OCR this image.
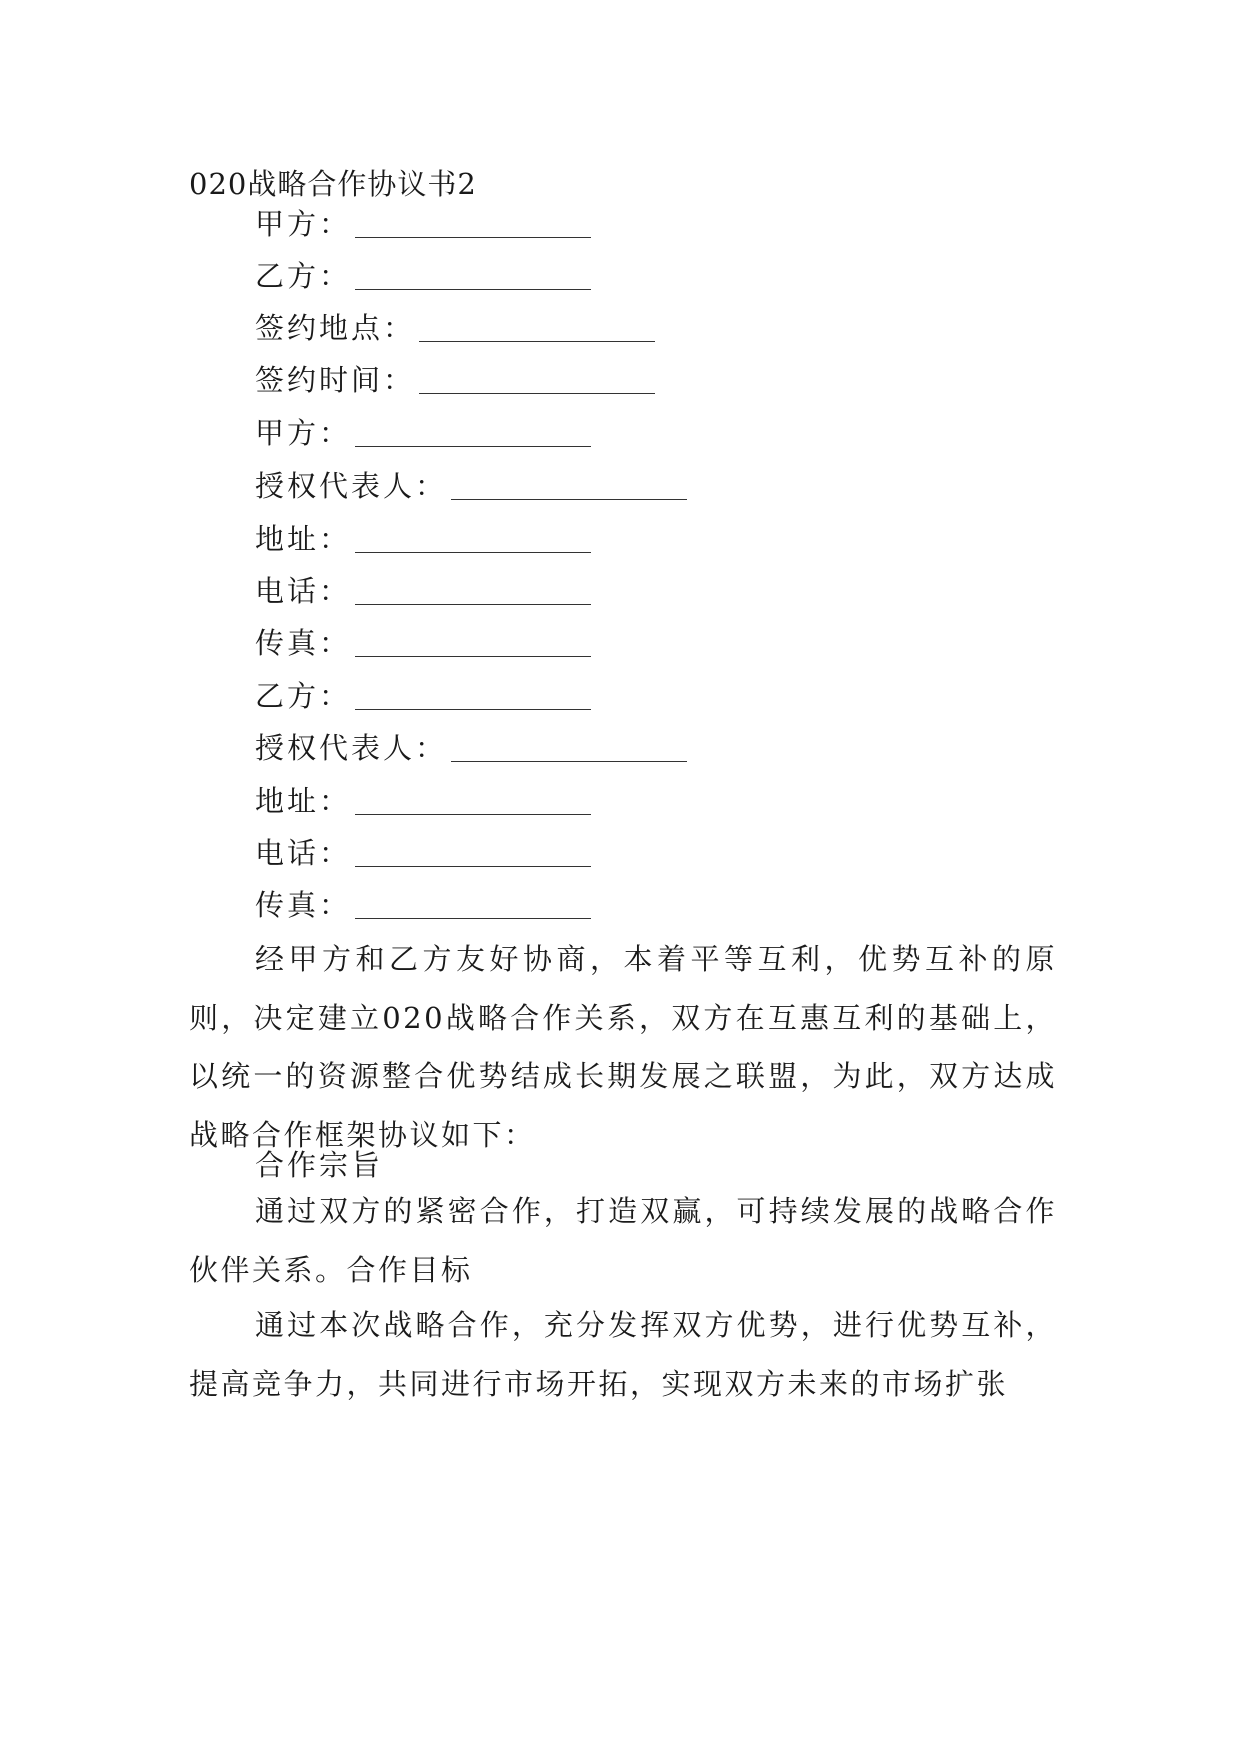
020战略合作协议书2
甲方：
乙方：
签约地点：
签约时间：
甲方：
授权代表人：
地址：
电话：
传真：
乙方：
授权代表人：
地址：
电话：
传真：

经甲方和乙方友好协商，本着平等互利，优势互补的原则，决定建立020战略合作关系，双方在互惠互利的基础上，以统一的资源整合优势结成长期发展之联盟，为此，双方达成战略合作框架协议如下：

合作宗旨

通过双方的紧密合作，打造双赢，可持续发展的战略合作伙伴关系。合作目标

通过本次战略合作，充分发挥双方优势，进行优势互补，提高竞争力，共同进行市场开拓，实现双方未来的市场扩张
